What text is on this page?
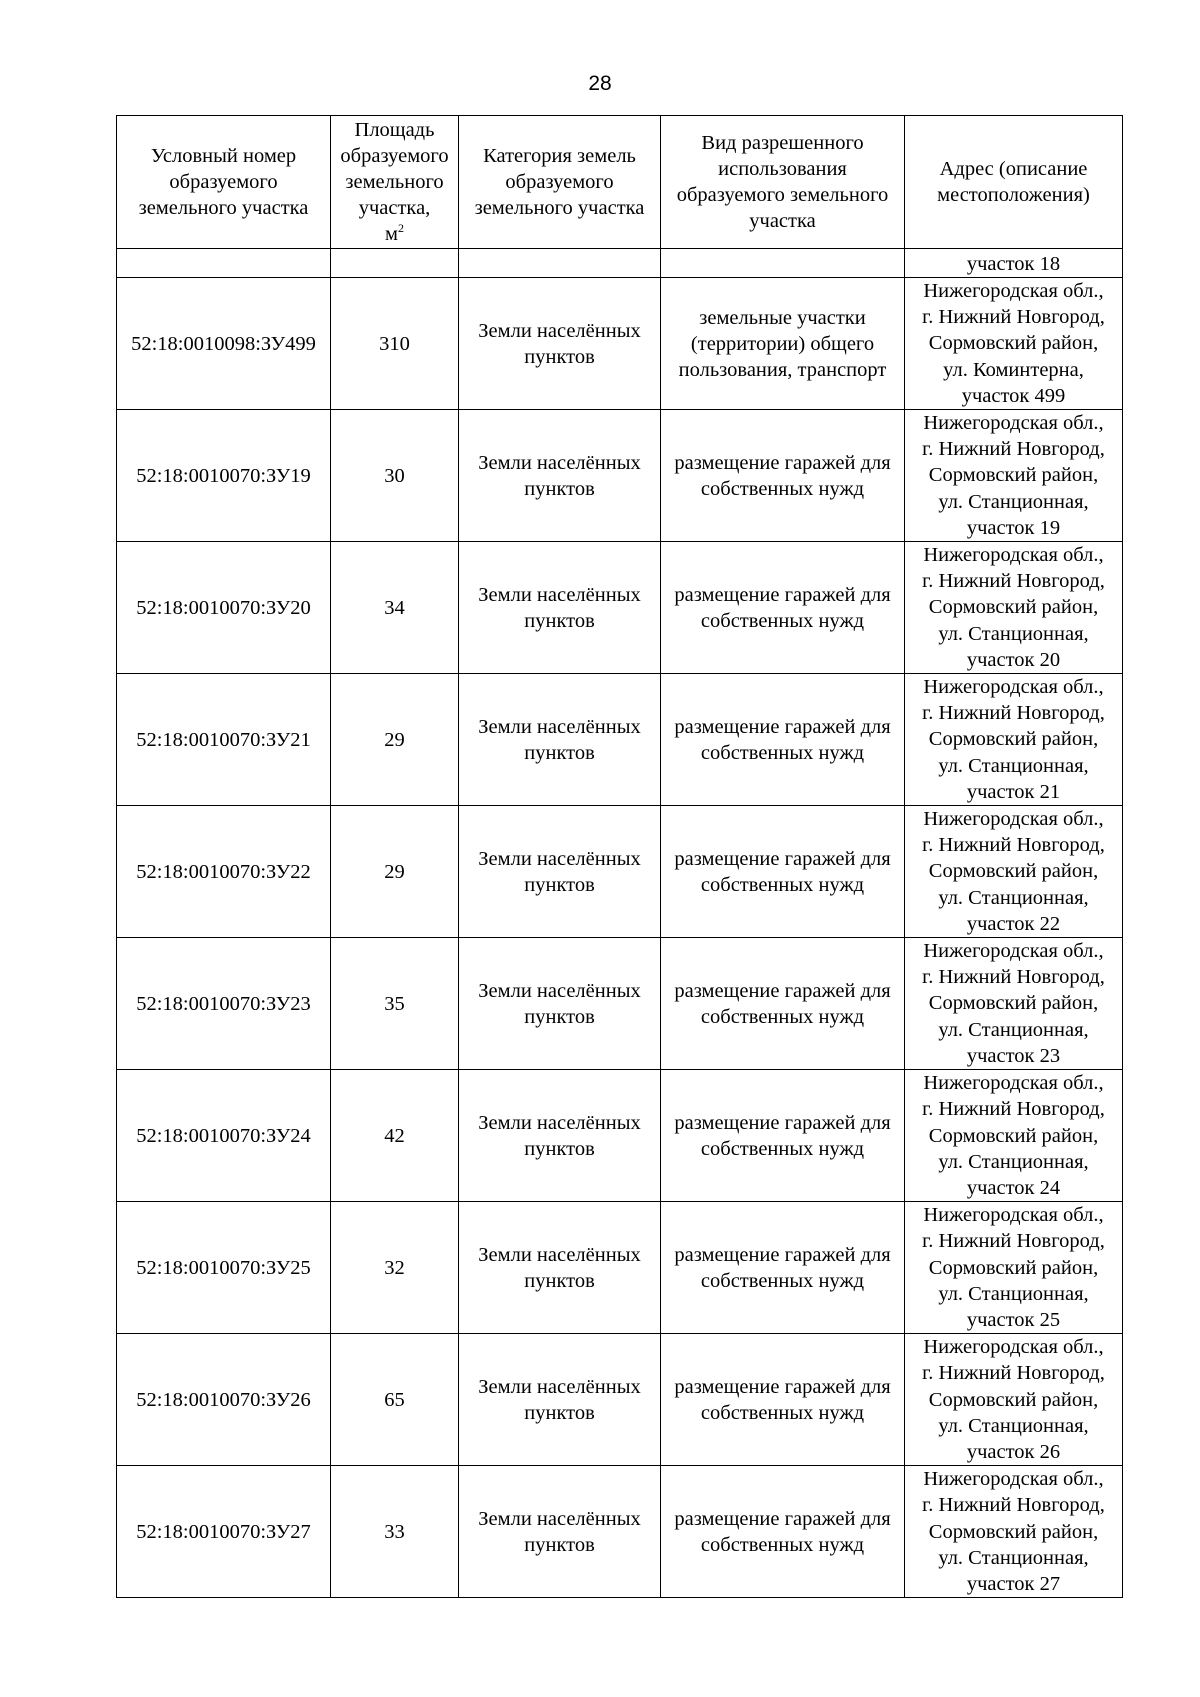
28
Условный номер образуемого земельного участка	Площадь образуемого земельного участка,
$м^2$	Категория земель образуемого земельного участка	Вид разрешенного использования образуемого земельного участка	Адрес (описание местоположения)
				участок 18
52:18:0010098:ЗУ499	310	Земли населённых пунктов	земельные участки (территории) общего пользования, транспорт	Нижегородская обл.,
г. Нижний Новгород,
Сормовский район,
ул. Коминтерна,
участок 499

52:18:0010070:ЗУ19	30	Земли населённых пунктов	размещение гаражей для собственных нужд	Нижегородская обл.,
г. Нижний Новгород,
Сормовский район,
ул. Станционная,
участок 19

52:18:0010070:ЗУ20	34	Земли населённых пунктов	размещение гаражей для собственных нужд	Нижегородская обл.,
г. Нижний Новгород,
Сормовский район,
ул. Станционная,
участок 20

52:18:0010070:ЗУ21	29	Земли населённых пунктов	размещение гаражей для собственных нужд	Нижегородская обл.,
г. Нижний Новгород,
Сормовский район,
ул. Станционная,
участок 21

52:18:0010070:ЗУ22	29	Земли населённых пунктов	размещение гаражей для собственных нужд	Нижегородская обл.,
г. Нижний Новгород,
Сормовский район,
ул. Станционная,
участок 22

52:18:0010070:ЗУ23	35	Земли населённых пунктов	размещение гаражей для собственных нужд	Нижегородская обл.,
г. Нижний Новгород,
Сормовский район,
ул. Станционная,
участок 23

52:18:0010070:ЗУ24	42	Земли населённых пунктов	размещение гаражей для собственных нужд	Нижегородская обл.,
г. Нижний Новгород,
Сормовский район,
ул. Станционная,
участок 24

52:18:0010070:ЗУ25	32	Земли населённых пунктов	размещение гаражей для собственных нужд	Нижегородская обл.,
г. Нижний Новгород,
Сормовский район,
ул. Станционная,
участок 25

52:18:0010070:ЗУ26	65	Земли населённых пунктов	размещение гаражей для собственных нужд	Нижегородская обл.,
г. Нижний Новгород,
Сормовский район,
ул. Станционная,
участок 26

52:18:0010070:ЗУ27	33	Земли населённых пунктов	размещение гаражей для собственных нужд	Нижегородская обл.,
г. Нижний Новгород,
Сормовский район,
ул. Станционная,
участок 27
